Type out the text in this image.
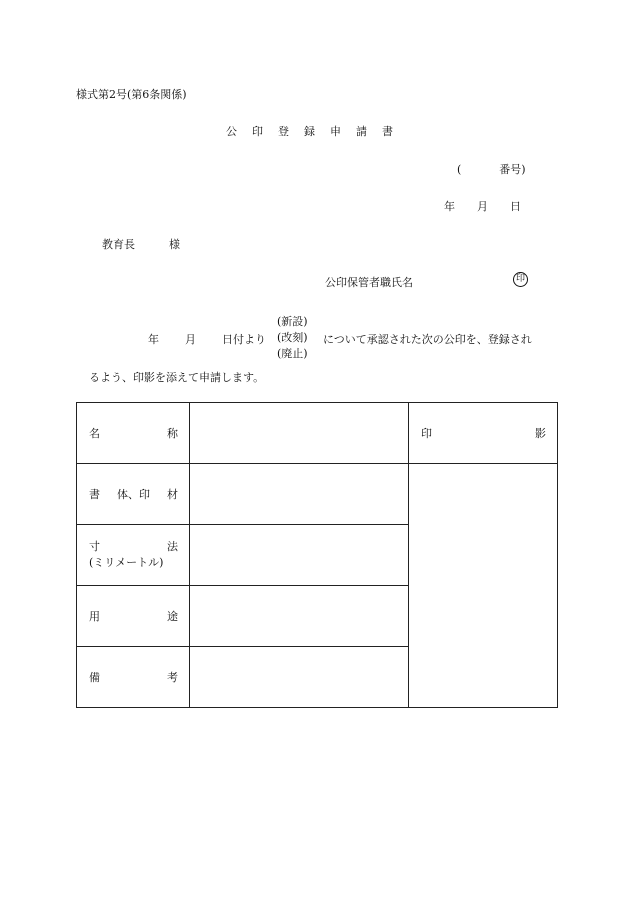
様式第2号(第6条関係)
公 印 登 録 申 請 書
(	番号)
年 月 日
教育長	様
公印保管者職氏名	印
年 月 日付より
(新設)
(改刻)
(廃止)
について承認された次の公印を、登録され
るよう、印影を添えて申請します。
名 称		印 影

書 体、印 材		

寸 法
(ミリメートル)		

用 途		

備 考		
